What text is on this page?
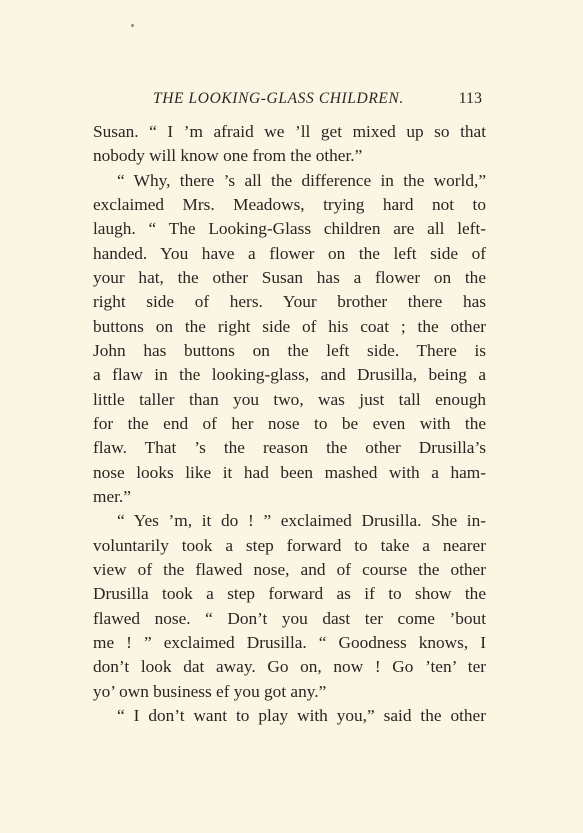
THE LOOKING-GLASS CHILDREN.	113
Susan. “ I ’m afraid we ’ll get mixed up so that
nobody will know one from the other.”
“ Why, there ’s all the difference in the world,”
exclaimed Mrs. Meadows, trying hard not to
laugh. “ The Looking-Glass children are all left-
handed. You have a flower on the left side of
your hat, the other Susan has a flower on the
right side of hers. Your brother there has
buttons on the right side of his coat ; the other
John has buttons on the left side. There is
a flaw in the looking-glass, and Drusilla, being a
little taller than you two, was just tall enough
for the end of her nose to be even with the
flaw. That ’s the reason the other Drusilla’s
nose looks like it had been mashed with a ham-
mer.”
“ Yes ’m, it do ! ” exclaimed Drusilla. She in-
voluntarily took a step forward to take a nearer
view of the flawed nose, and of course the other
Drusilla took a step forward as if to show the
flawed nose. “ Don’t you dast ter come ’bout
me ! ” exclaimed Drusilla. “ Goodness knows, I
don’t look dat away. Go on, now ! Go ’ten’ ter
yo’ own business ef you got any.”
“ I don’t want to play with you,” said the other
